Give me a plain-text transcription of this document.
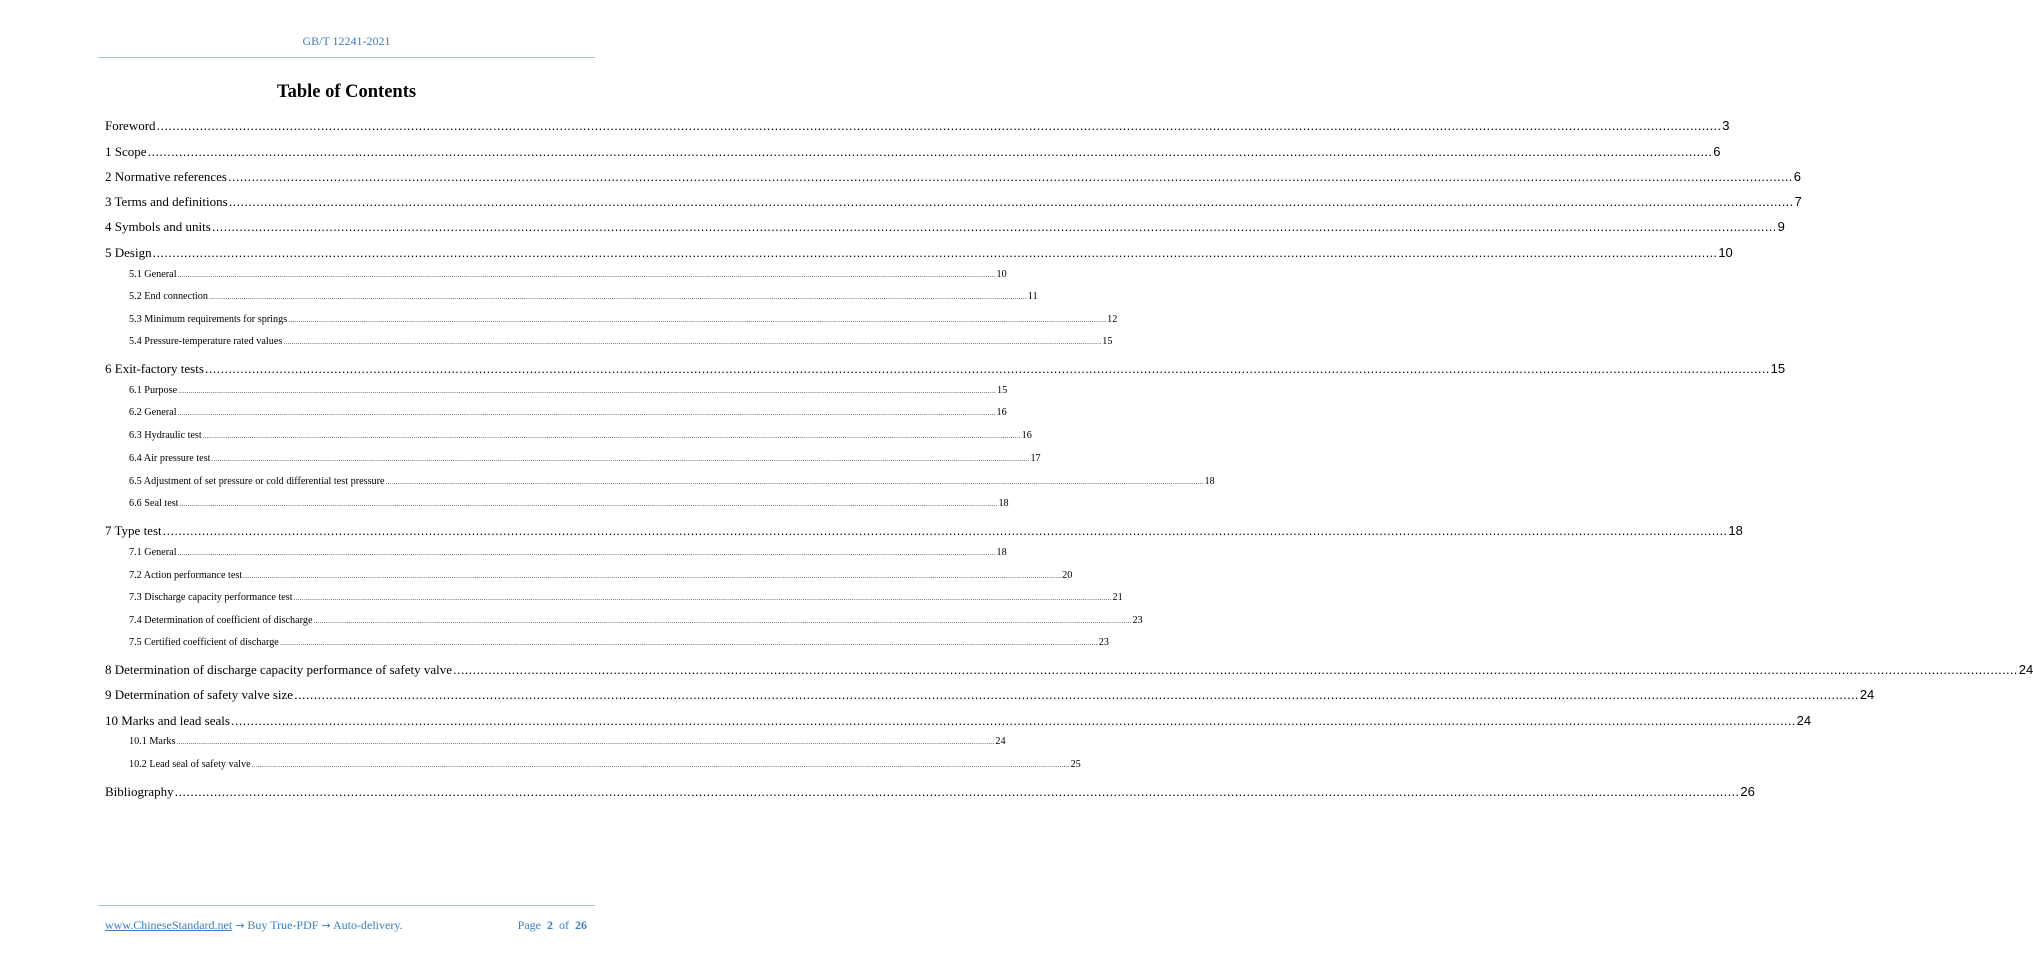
GB/T 12241-2021
Table of Contents
Foreword ................................................................................................................................................................................................................................................................................................................................................................................................................ 3
1 Scope ................................................................................................................................................................................................................................................................................................................................................................................................................ 6
2 Normative references ................................................................................................................................................................................................................................................................................................................................................................................................................ 6
3 Terms and definitions ................................................................................................................................................................................................................................................................................................................................................................................................................ 7
4 Symbols and units ................................................................................................................................................................................................................................................................................................................................................................................................................ 9
5 Design ................................................................................................................................................................................................................................................................................................................................................................................................................ 10
5.1 General ................................................................................................................................................................................................................................................................................................................................................................................................................ 10
5.2 End connection ................................................................................................................................................................................................................................................................................................................................................................................................................ 11
5.3 Minimum requirements for springs ................................................................................................................................................................................................................................................................................................................................................................................................................ 12
5.4 Pressure-temperature rated values ................................................................................................................................................................................................................................................................................................................................................................................................................ 15
6 Exit-factory tests ................................................................................................................................................................................................................................................................................................................................................................................................................ 15
6.1 Purpose ................................................................................................................................................................................................................................................................................................................................................................................................................ 15
6.2 General ................................................................................................................................................................................................................................................................................................................................................................................................................ 16
6.3 Hydraulic test ................................................................................................................................................................................................................................................................................................................................................................................................................ 16
6.4 Air pressure test ................................................................................................................................................................................................................................................................................................................................................................................................................ 17
6.5 Adjustment of set pressure or cold differential test pressure ................................................................................................................................................................................................................................................................................................................................................................................................................ 18
6.6 Seal test ................................................................................................................................................................................................................................................................................................................................................................................................................ 18
7 Type test ................................................................................................................................................................................................................................................................................................................................................................................................................ 18
7.1 General ................................................................................................................................................................................................................................................................................................................................................................................................................ 18
7.2 Action performance test ................................................................................................................................................................................................................................................................................................................................................................................................................ 20
7.3 Discharge capacity performance test ................................................................................................................................................................................................................................................................................................................................................................................................................ 21
7.4 Determination of coefficient of discharge ................................................................................................................................................................................................................................................................................................................................................................................................................ 23
7.5 Certified coefficient of discharge ................................................................................................................................................................................................................................................................................................................................................................................................................ 23
8 Determination of discharge capacity performance of safety valve ................................................................................................................................................................................................................................................................................................................................................................................................................ 24
9 Determination of safety valve size ................................................................................................................................................................................................................................................................................................................................................................................................................ 24
10 Marks and lead seals ................................................................................................................................................................................................................................................................................................................................................................................................................ 24
10.1 Marks ................................................................................................................................................................................................................................................................................................................................................................................................................ 24
10.2 Lead seal of safety valve ................................................................................................................................................................................................................................................................................................................................................................................................................ 25
Bibliography ................................................................................................................................................................................................................................................................................................................................................................................................................ 26
www.ChineseStandard.net → Buy True-PDF → Auto-delivery.	Page 2 of 26
